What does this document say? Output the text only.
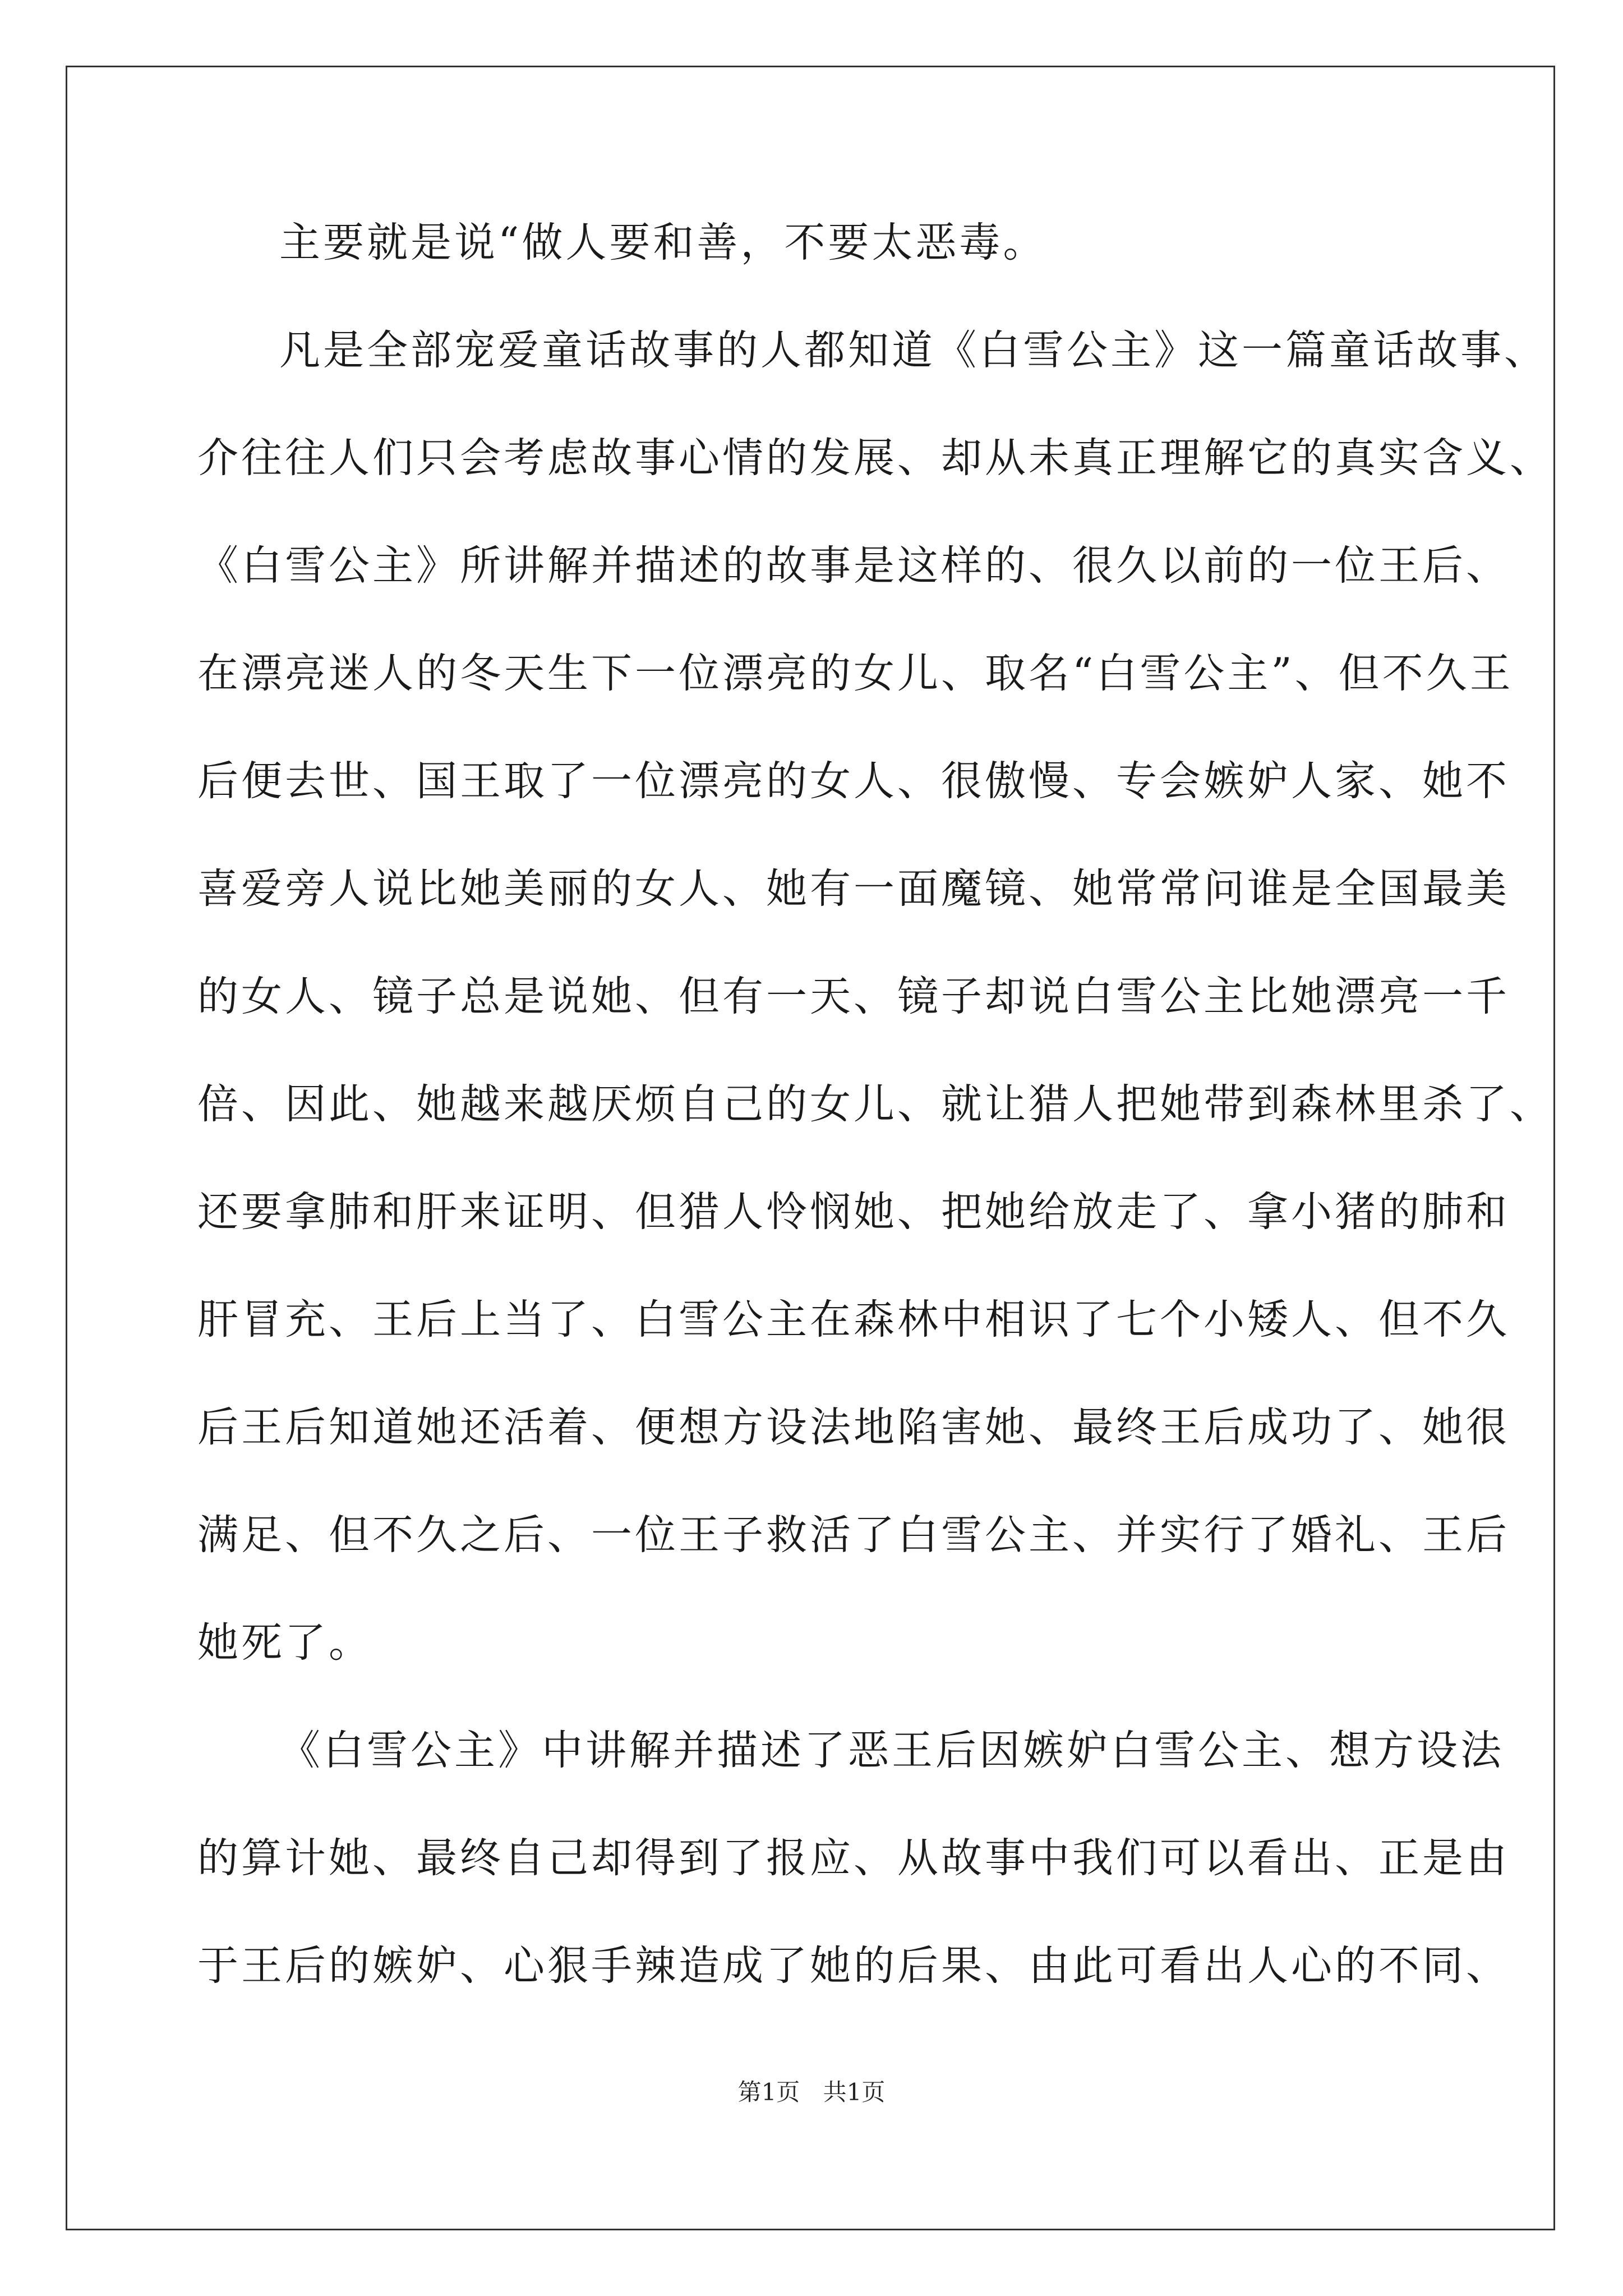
主要就是说“做人要和善，不要太恶毒。

凡是全部宠爱童话故事的人都知道《白雪公主》这一篇童话故事、

介往往人们只会考虑故事心情的发展、却从未真正理解它的真实含义、

《白雪公主》所讲解并描述的故事是这样的、很久以前的一位王后、

在漂亮迷人的冬天生下一位漂亮的女儿、取名“白雪公主”、但不久王

后便去世、国王取了一位漂亮的女人、很傲慢、专会嫉妒人家、她不

喜爱旁人说比她美丽的女人、她有一面魔镜、她常常问谁是全国最美

的女人、镜子总是说她、但有一天、镜子却说白雪公主比她漂亮一千

倍、因此、她越来越厌烦自己的女儿、就让猎人把她带到森林里杀了、

还要拿肺和肝来证明、但猎人怜悯她、把她给放走了、拿小猪的肺和

肝冒充、王后上当了、白雪公主在森林中相识了七个小矮人、但不久

后王后知道她还活着、便想方设法地陷害她、最终王后成功了、她很

满足、但不久之后、一位王子救活了白雪公主、并实行了婚礼、王后

她死了。

《白雪公主》中讲解并描述了恶王后因嫉妒白雪公主、想方设法

的算计她、最终自己却得到了报应、从故事中我们可以看出、正是由

于王后的嫉妒、心狠手辣造成了她的后果、由此可看出人心的不同、

第1页 共1页
